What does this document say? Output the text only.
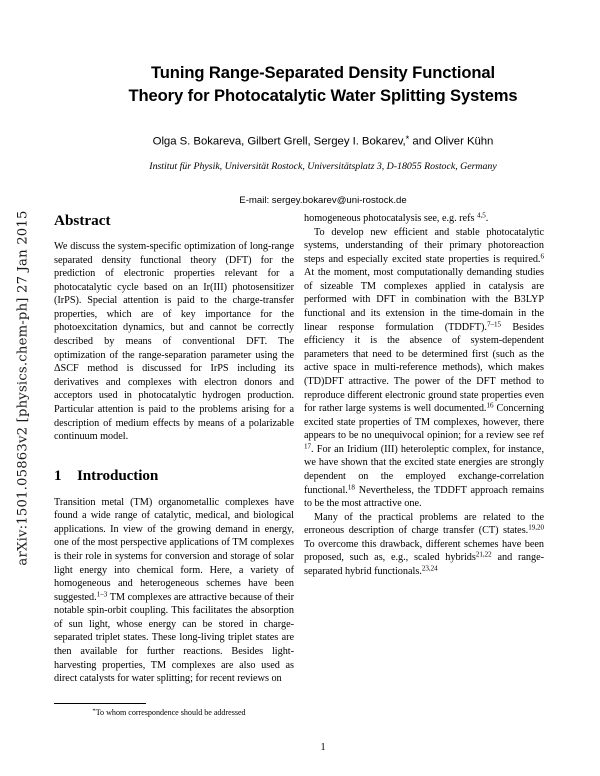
arXiv:1501.05863v2 [physics.chem-ph] 27 Jan 2015
Tuning Range-Separated Density Functional
Theory for Photocatalytic Water Splitting Systems
Olga S. Bokareva, Gilbert Grell, Sergey I. Bokarev,* and Oliver Kühn
Institut für Physik, Universität Rostock, Universitätsplatz 3, D-18055 Rostock, Germany
E-mail: sergey.bokarev@uni-rostock.de
Abstract

We discuss the system-specific optimization of long-range separated density functional theory (DFT) for the prediction of electronic properties relevant for a photocatalytic cycle based on an Ir(III) photosensitizer (IrPS). Special attention is paid to the charge-transfer properties, which are of key importance for the photoexcitation dynamics, but and cannot be correctly described by means of conventional DFT. The optimization of the range-separation parameter using the ΔSCF method is discussed for IrPS including its derivatives and complexes with electron donors and acceptors used in photocatalytic hydrogen production. Particular attention is paid to the problems arising for a description of medium effects by means of a polarizable continuum model.

1 Introduction

Transition metal (TM) organometallic complexes have found a wide range of catalytic, medical, and biological applications. In view of the growing demand in energy, one of the most perspective applications of TM complexes is their role in systems for conversion and storage of solar light energy into chemical form. Here, a variety of homogeneous and heterogeneous schemes have been suggested.$^{1-3}$ TM complexes are attractive because of their notable spin-orbit coupling. This facilitates the absorption of sun light, whose energy can be stored in charge-separated triplet states. These long-living triplet states are then available for further reactions. Besides light-harvesting properties, TM complexes are also used as direct catalysts for water splitting; for recent reviews on

homogeneous photocatalysis see, e.g. refs $^{4,5}$.

To develop new efficient and stable photocatalytic systems, understanding of their primary photoreaction steps and especially excited state properties is required.$^6$ At the moment, most computationally demanding studies of sizeable TM complexes applied in catalysis are performed with DFT in combination with the B3LYP functional and its extension in the time-domain in the linear response formulation (TDDFT).$^{7-15}$ Besides efficiency it is the absence of system-dependent parameters that need to be determined first (such as the active space in multi-reference methods), which makes (TD)DFT attractive. The power of the DFT method to reproduce different electronic ground state properties even for rather large systems is well documented.$^{16}$ Concerning excited state properties of TM complexes, however, there appears to be no unequivocal opinion; for a review see ref $^{17}$. For an Iridium (III) heteroleptic complex, for instance, we have shown that the excited state energies are strongly dependent on the employed exchange-correlation functional.$^{18}$ Nevertheless, the TDDFT approach remains to be the most attractive one.

Many of the practical problems are related to the erroneous description of charge transfer (CT) states.$^{19,20}$ To overcome this drawback, different schemes have been proposed, such as, e.g., scaled hybrids$^{21,22}$ and range-separated hybrid functionals.$^{23,24}$

*To whom correspondence should be addressed
1
